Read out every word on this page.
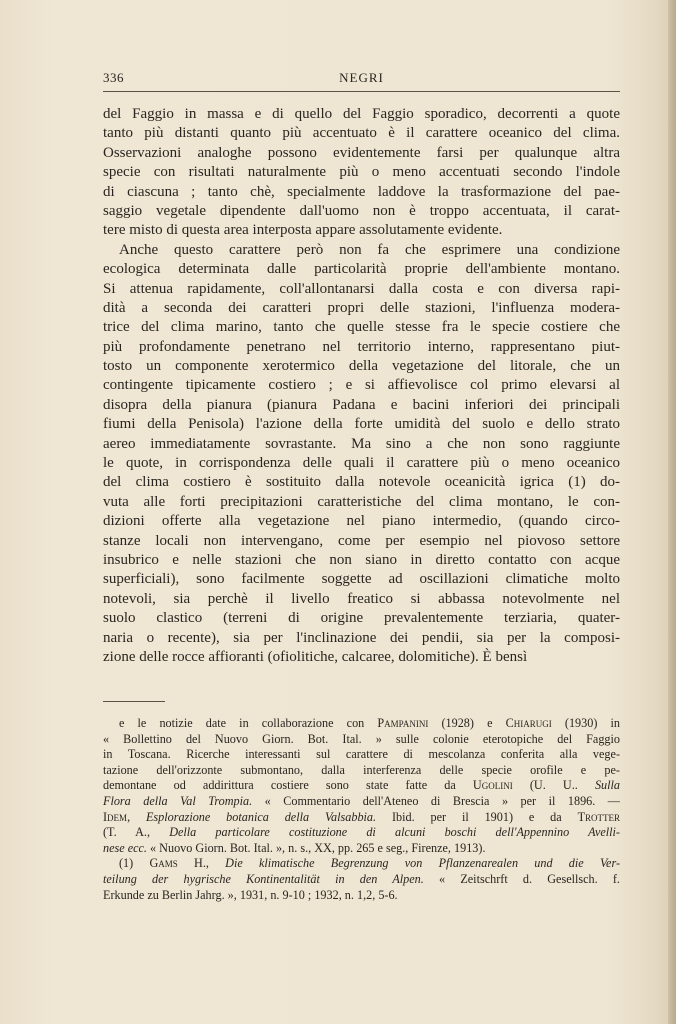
336	NEGRI
del Faggio in massa e di quello del Faggio sporadico, decorrenti a quote
tanto più distanti quanto più accentuato è il carattere oceanico del clima.
Osservazioni analoghe possono evidentemente farsi per qualunque altra
specie con risultati naturalmente più o meno accentuati secondo l'indole
di ciascuna ; tanto chè, specialmente laddove la trasformazione del pae-
saggio vegetale dipendente dall'uomo non è troppo accentuata, il carat-
tere misto di questa area interposta appare assolutamente evidente.
Anche questo carattere però non fa che esprimere una condizione
ecologica determinata dalle particolarità proprie dell'ambiente montano.
Si attenua rapidamente, coll'allontanarsi dalla costa e con diversa rapi-
dità a seconda dei caratteri propri delle stazioni, l'influenza modera-
trice del clima marino, tanto che quelle stesse fra le specie costiere che
più profondamente penetrano nel territorio interno, rappresentano piut-
tosto un componente xerotermico della vegetazione del litorale, che un
contingente tipicamente costiero ; e si affievolisce col primo elevarsi al
disopra della pianura (pianura Padana e bacini inferiori dei principali
fiumi della Penisola) l'azione della forte umidità del suolo e dello strato
aereo immediatamente sovrastante. Ma sino a che non sono raggiunte
le quote, in corrispondenza delle quali il carattere più o meno oceanico
del clima costiero è sostituito dalla notevole oceanicità igrica (1) do-
vuta alle forti precipitazioni caratteristiche del clima montano, le con-
dizioni offerte alla vegetazione nel piano intermedio, (quando circo-
stanze locali non intervengano, come per esempio nel piovoso settore
insubrico e nelle stazioni che non siano in diretto contatto con acque
superficiali), sono facilmente soggette ad oscillazioni climatiche molto
notevoli, sia perchè il livello freatico si abbassa notevolmente nel
suolo clastico (terreni di origine prevalentemente terziaria, quater-
naria o recente), sia per l'inclinazione dei pendii, sia per la composi-
zione delle rocce affioranti (ofiolitiche, calcaree, dolomitiche). È bensì
e le notizie date in collaborazione con Pampanini (1928) e Chiarugi (1930) in
« Bollettino del Nuovo Giorn. Bot. Ital. » sulle colonie eterotopiche del Faggio
in Toscana. Ricerche interessanti sul carattere di mescolanza conferita alla vege-
tazione dell'orizzonte submontano, dalla interferenza delle specie orofile e pe-
demontane od addirittura costiere sono state fatte da Ugolini (U. U.. Sulla
Flora della Val Trompia. « Commentario dell'Ateneo di Brescia » per il 1896. —
Idem, Esplorazione botanica della Valsabbia. Ibid. per il 1901) e da Trotter
(T. A., Della particolare costituzione di alcuni boschi dell'Appennino Avelli-
nese ecc. « Nuovo Giorn. Bot. Ital. », n. s., XX, pp. 265 e seg., Firenze, 1913).
(1) Gams H., Die klimatische Begrenzung von Pflanzenarealen und die Ver-
teilung der hygrische Kontinentalität in den Alpen. « Zeitschrft d. Gesellsch. f.
Erkunde zu Berlin Jahrg. », 1931, n. 9-10 ; 1932, n. 1,2, 5-6.
